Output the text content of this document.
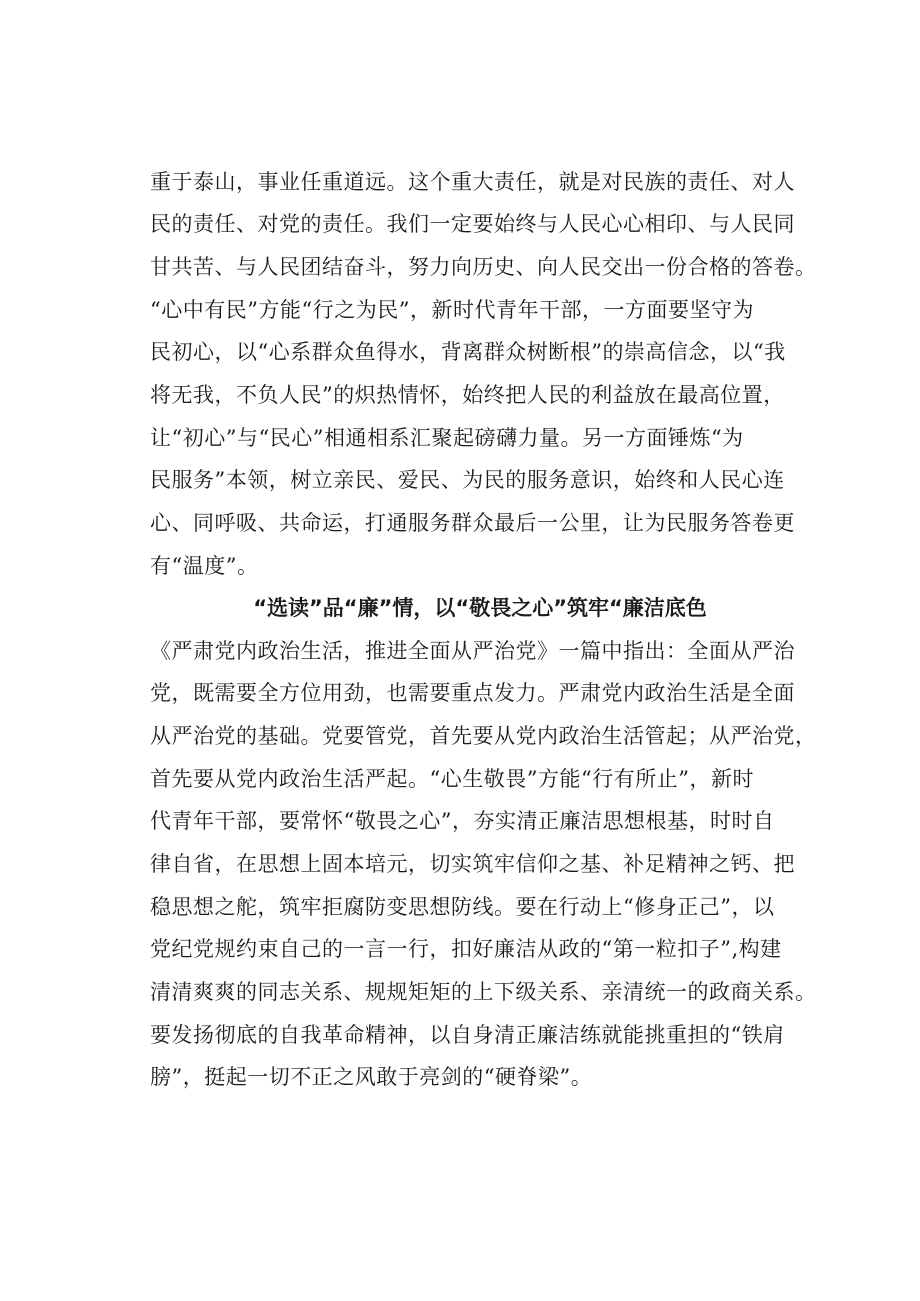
重于泰山，事业任重道远。这个重大责任，就是对民族的责任、对人
民的责任、对党的责任。我们一定要始终与人民心心相印、与人民同
甘共苦、与人民团结奋斗，努力向历史、向人民交出一份合格的答卷。
“心中有民”方能“行之为民”，新时代青年干部，一方面要坚守为
民初心，以“心系群众鱼得水，背离群众树断根”的崇高信念，以“我
将无我，不负人民”的炽热情怀，始终把人民的利益放在最高位置，
让“初心”与“民心”相通相系汇聚起磅礴力量。另一方面锤炼“为
民服务”本领，树立亲民、爱民、为民的服务意识，始终和人民心连
心、同呼吸、共命运，打通服务群众最后一公里，让为民服务答卷更
有“温度”。
“选读”品“廉”情，以“敬畏之心”筑牢“廉洁底色
《严肃党内政治生活，推进全面从严治党》一篇中指出：全面从严治
党，既需要全方位用劲，也需要重点发力。严肃党内政治生活是全面
从严治党的基础。党要管党，首先要从党内政治生活管起；从严治党，
首先要从党内政治生活严起。“心生敬畏”方能“行有所止”，新时
代青年干部，要常怀“敬畏之心”，夯实清正廉洁思想根基，时时自
律自省，在思想上固本培元，切实筑牢信仰之基、补足精神之钙、把
稳思想之舵，筑牢拒腐防变思想防线。要在行动上“修身正己”，以
党纪党规约束自己的一言一行，扣好廉洁从政的“第一粒扣子”,构建
清清爽爽的同志关系、规规矩矩的上下级关系、亲清统一的政商关系。
要发扬彻底的自我革命精神，以自身清正廉洁练就能挑重担的“铁肩
膀”，挺起一切不正之风敢于亮剑的“硬脊梁”。
